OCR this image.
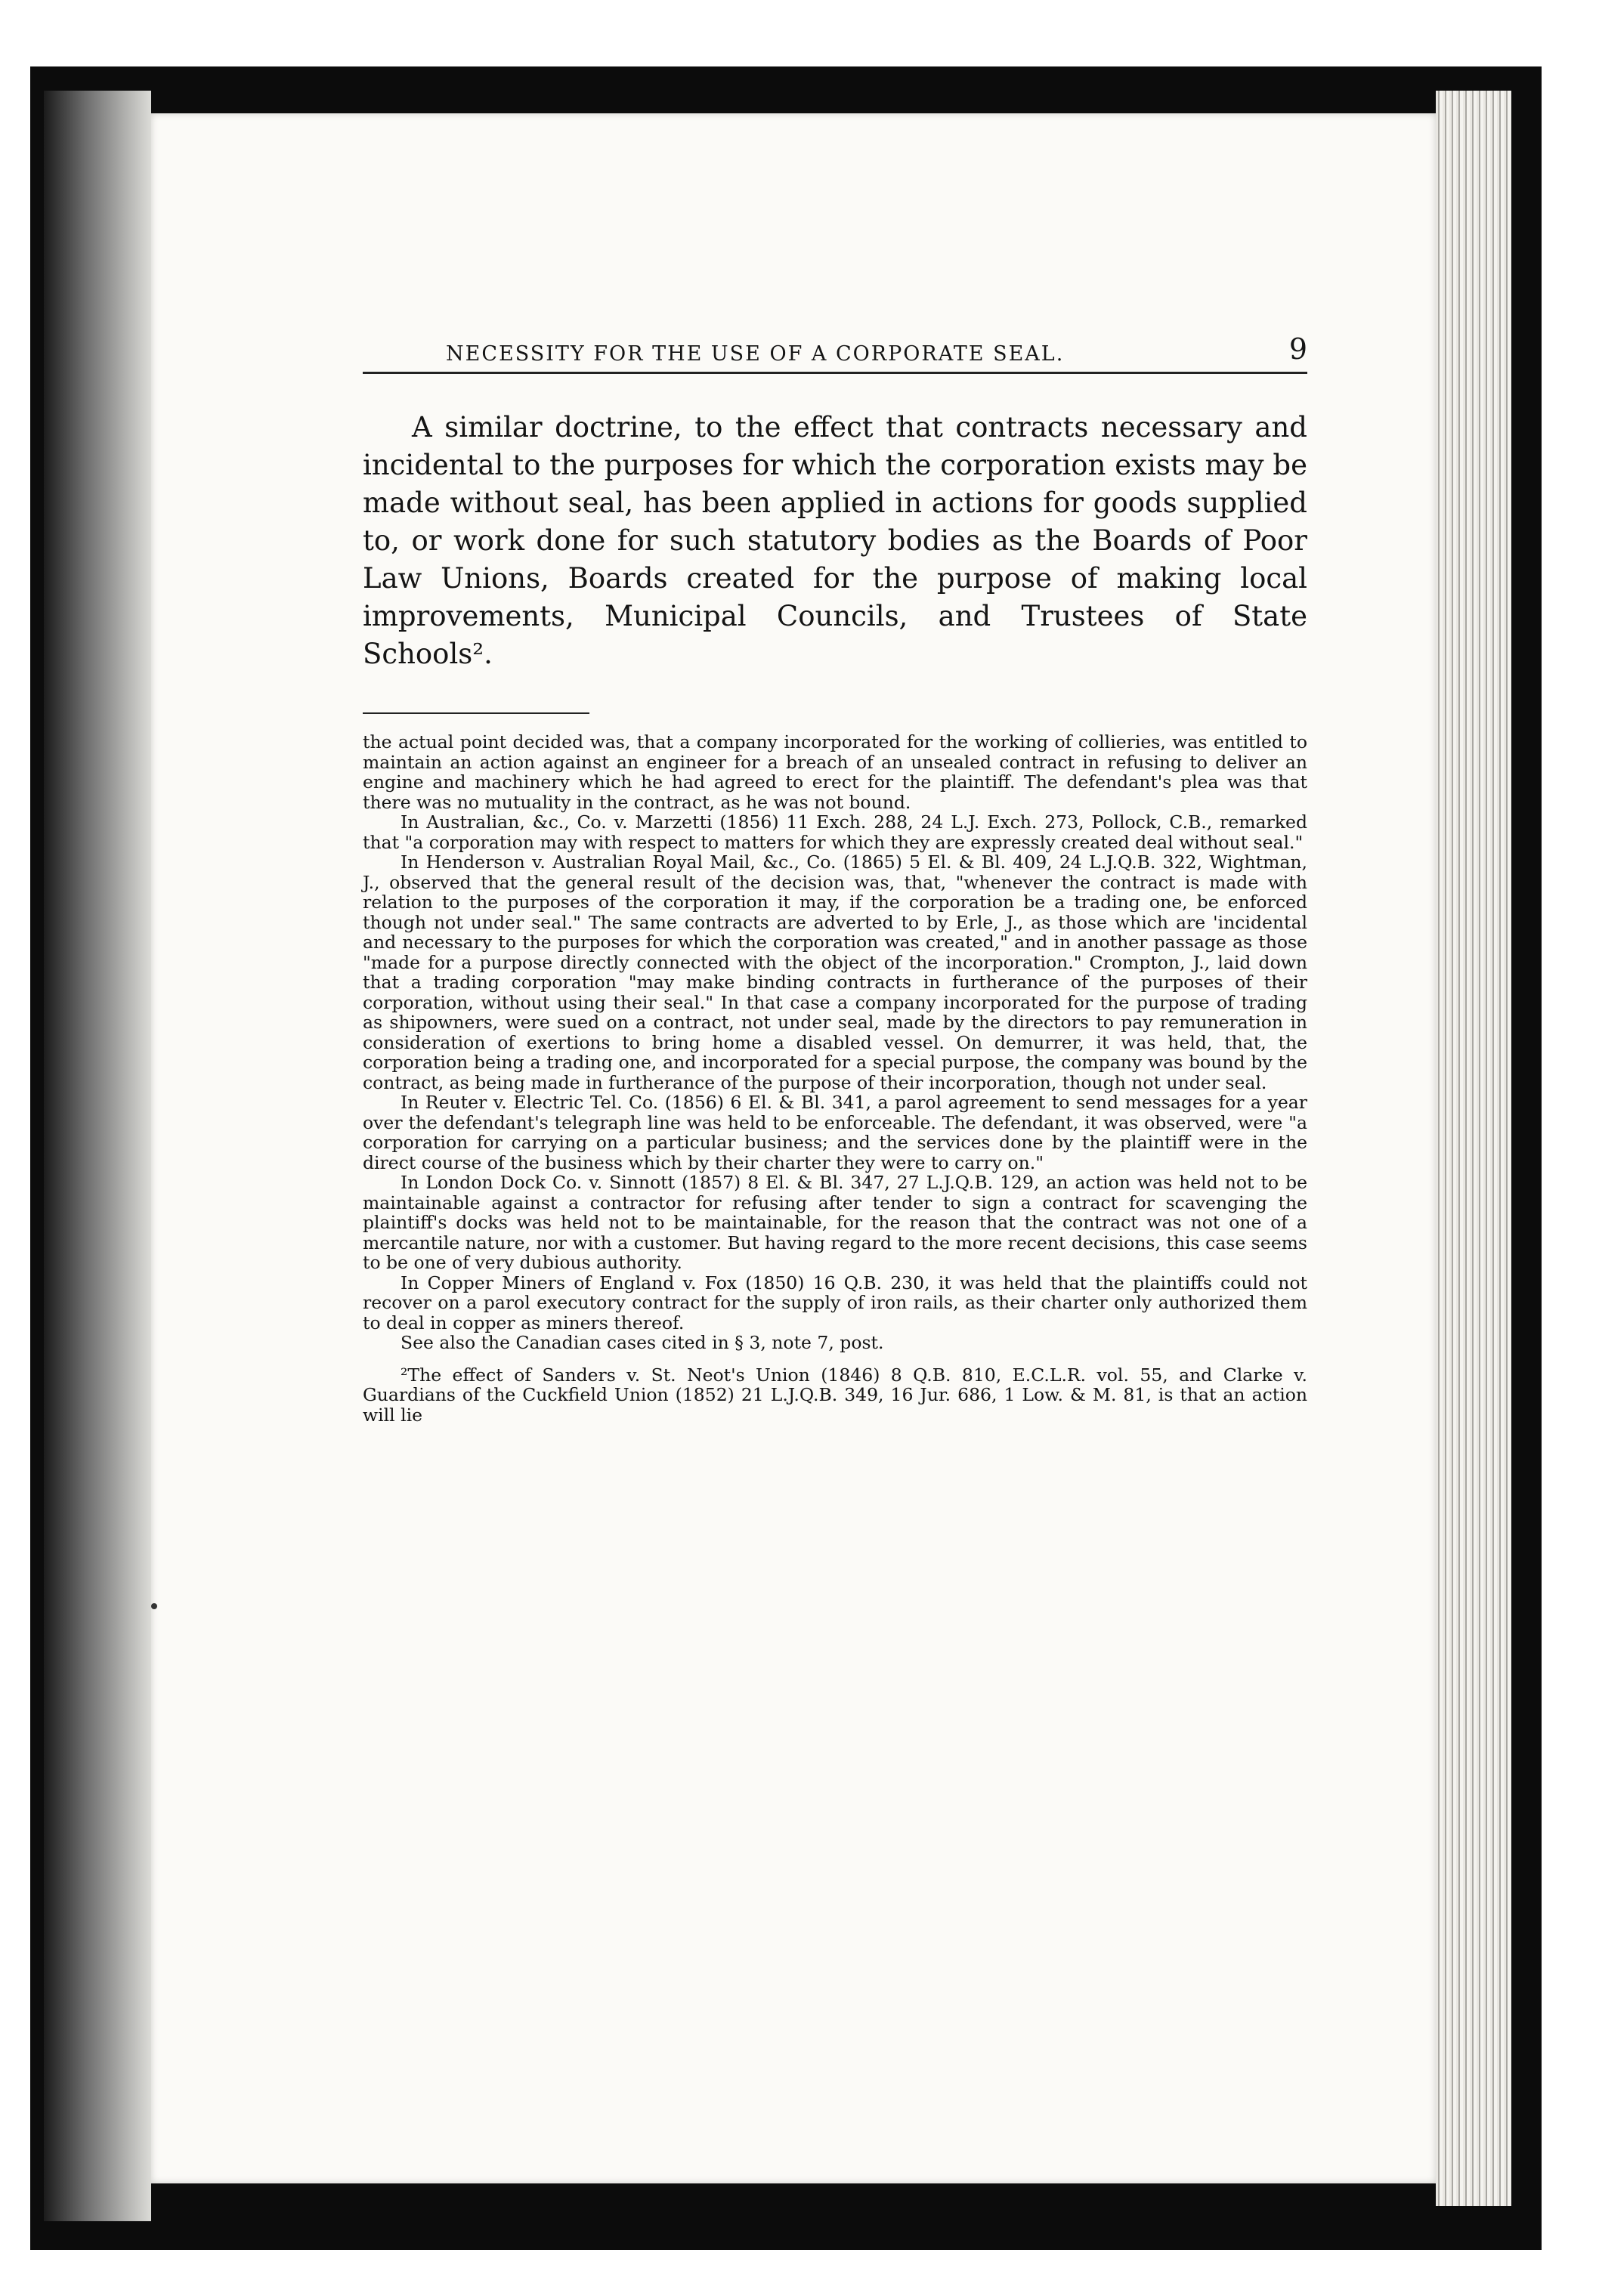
NECESSITY FOR THE USE OF A CORPORATE SEAL.	9

A similar doctrine, to the effect that contracts necessary and incidental to the purposes for which the corporation exists may be made without seal, has been applied in actions for goods supplied to, or work done for such statutory bodies as the Boards of Poor Law Unions, Boards created for the purpose of making local improvements, Municipal Councils, and Trustees of State Schools².

the actual point decided was, that a company incorporated for the working of collieries, was entitled to maintain an action against an engineer for a breach of an unsealed contract in refusing to deliver an engine and machinery which he had agreed to erect for the plaintiff. The defendant's plea was that there was no mutuality in the contract, as he was not bound.

In Australian, &c., Co. v. Marzetti (1856) 11 Exch. 288, 24 L.J. Exch. 273, Pollock, C.B., remarked that "a corporation may with respect to matters for which they are expressly created deal without seal."

In Henderson v. Australian Royal Mail, &c., Co. (1865) 5 El. & Bl. 409, 24 L.J.Q.B. 322, Wightman, J., observed that the general result of the decision was, that, "whenever the contract is made with relation to the purposes of the corporation it may, if the corporation be a trading one, be enforced though not under seal." The same contracts are adverted to by Erle, J., as those which are 'incidental and necessary to the purposes for which the corporation was created," and in another passage as those "made for a purpose directly connected with the object of the incorporation." Crompton, J., laid down that a trading corporation "may make binding contracts in furtherance of the purposes of their corporation, without using their seal." In that case a company incorporated for the purpose of trading as shipowners, were sued on a contract, not under seal, made by the directors to pay remuneration in consideration of exertions to bring home a disabled vessel. On demurrer, it was held, that, the corporation being a trading one, and incorporated for a special purpose, the company was bound by the contract, as being made in furtherance of the purpose of their incorporation, though not under seal.

In Reuter v. Electric Tel. Co. (1856) 6 El. & Bl. 341, a parol agreement to send messages for a year over the defendant's telegraph line was held to be enforceable. The defendant, it was observed, were "a corporation for carrying on a particular business; and the services done by the plaintiff were in the direct course of the business which by their charter they were to carry on."

In London Dock Co. v. Sinnott (1857) 8 El. & Bl. 347, 27 L.J.Q.B. 129, an action was held not to be maintainable against a contractor for refusing after tender to sign a contract for scavenging the plaintiff's docks was held not to be maintainable, for the reason that the contract was not one of a mercantile nature, nor with a customer. But having regard to the more recent decisions, this case seems to be one of very dubious authority.

In Copper Miners of England v. Fox (1850) 16 Q.B. 230, it was held that the plaintiffs could not recover on a parol executory contract for the supply of iron rails, as their charter only authorized them to deal in copper as miners thereof.

See also the Canadian cases cited in § 3, note 7, post.

²The effect of Sanders v. St. Neot's Union (1846) 8 Q.B. 810, E.C.L.R. vol. 55, and Clarke v. Guardians of the Cuckfield Union (1852) 21 L.J.Q.B. 349, 16 Jur. 686, 1 Low. & M. 81, is that an action will lie
